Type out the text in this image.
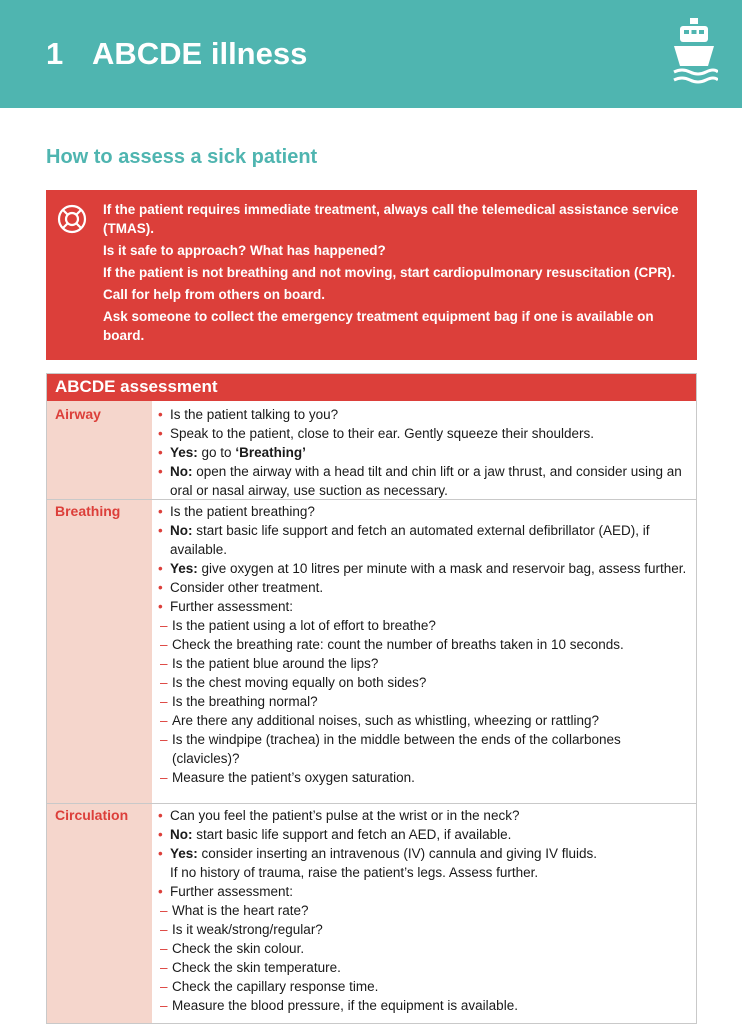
1 ABCDE illness
How to assess a sick patient
If the patient requires immediate treatment, always call the telemedical assistance service (TMAS).
Is it safe to approach? What has happened?
If the patient is not breathing and not moving, start cardiopulmonary resuscitation (CPR).
Call for help from others on board.
Ask someone to collect the emergency treatment equipment bag if one is available on board.
ABCDE assessment
Airway	• Is the patient talking to you?
• Speak to the patient, close to their ear. Gently squeeze their shoulders.
• Yes: go to ‘Breathing’
• No: open the airway with a head tilt and chin lift or a jaw thrust, and consider using an oral or nasal airway, use suction as necessary.
Breathing	• Is the patient breathing?
• No: start basic life support and fetch an automated external defibrillator (AED), if available.
• Yes: give oxygen at 10 litres per minute with a mask and reservoir bag, assess further.
• Consider other treatment.
• Further assessment:
– Is the patient using a lot of effort to breathe?
– Check the breathing rate: count the number of breaths taken in 10 seconds.
– Is the patient blue around the lips?
– Is the chest moving equally on both sides?
– Is the breathing normal?
– Are there any additional noises, such as whistling, wheezing or rattling?
– Is the windpipe (trachea) in the middle between the ends of the collarbones (clavicles)?
– Measure the patient’s oxygen saturation.
Circulation	• Can you feel the patient’s pulse at the wrist or in the neck?
• No: start basic life support and fetch an AED, if available.
• Yes: consider inserting an intravenous (IV) cannula and giving IV fluids.
If no history of trauma, raise the patient’s legs. Assess further.
• Further assessment:
– What is the heart rate?
– Is it weak/strong/regular?
– Check the skin colour.
– Check the skin temperature.
– Check the capillary response time.
– Measure the blood pressure, if the equipment is available.
